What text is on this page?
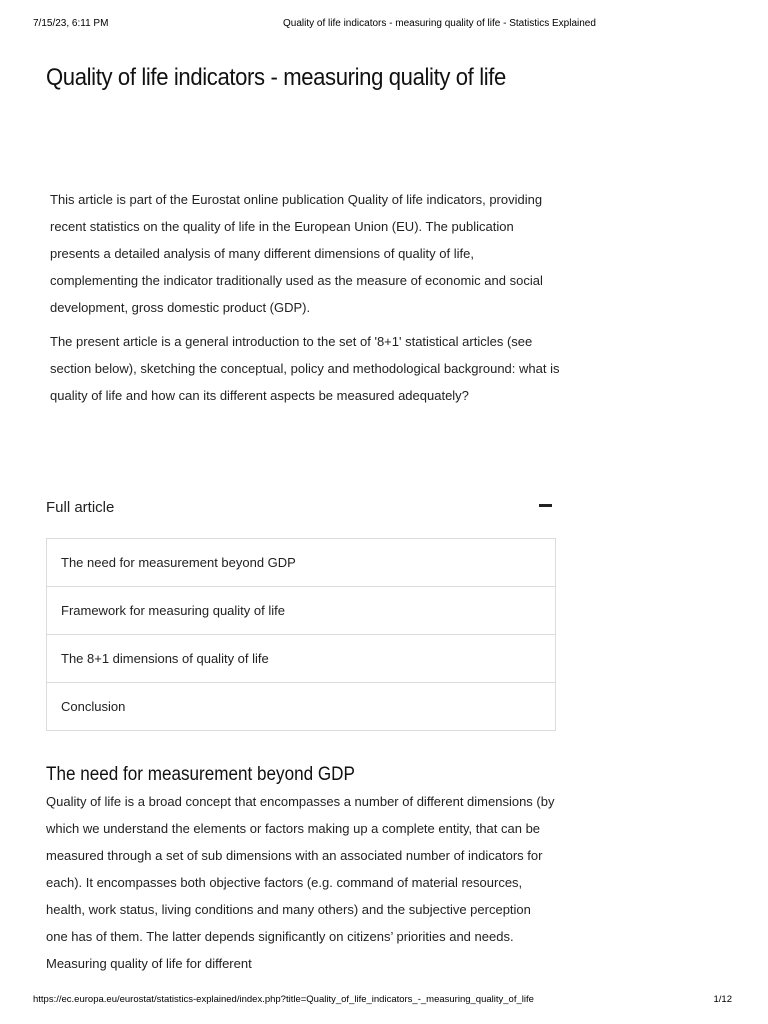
7/15/23, 6:11 PM	Quality of life indicators - measuring quality of life - Statistics Explained
Quality of life indicators - measuring quality of life

This article is part of the Eurostat online publication Quality of life indicators, providing recent statistics on the quality of life in the European Union (EU). The publication presents a detailed analysis of many different dimensions of quality of life, complementing the indicator traditionally used as the measure of economic and social development, gross domestic product (GDP).

The present article is a general introduction to the set of '8+1' statistical articles (see section below), sketching the conceptual, policy and methodological background: what is quality of life and how can its different aspects be measured adequately?

Full article
The need for measurement beyond GDP
Framework for measuring quality of life
The 8+1 dimensions of quality of life
Conclusion
The need for measurement beyond GDP

Quality of life is a broad concept that encompasses a number of different dimensions (by which we understand the elements or factors making up a complete entity, that can be measured through a set of sub dimensions with an associated number of indicators for each). It encompasses both objective factors (e.g. command of material resources, health, work status, living conditions and many others) and the subjective perception one has of them. The latter depends significantly on citizens’ priorities and needs. Measuring quality of life for different

https://ec.europa.eu/eurostat/statistics-explained/index.php?title=Quality_of_life_indicators_-_measuring_quality_of_life	1/12
